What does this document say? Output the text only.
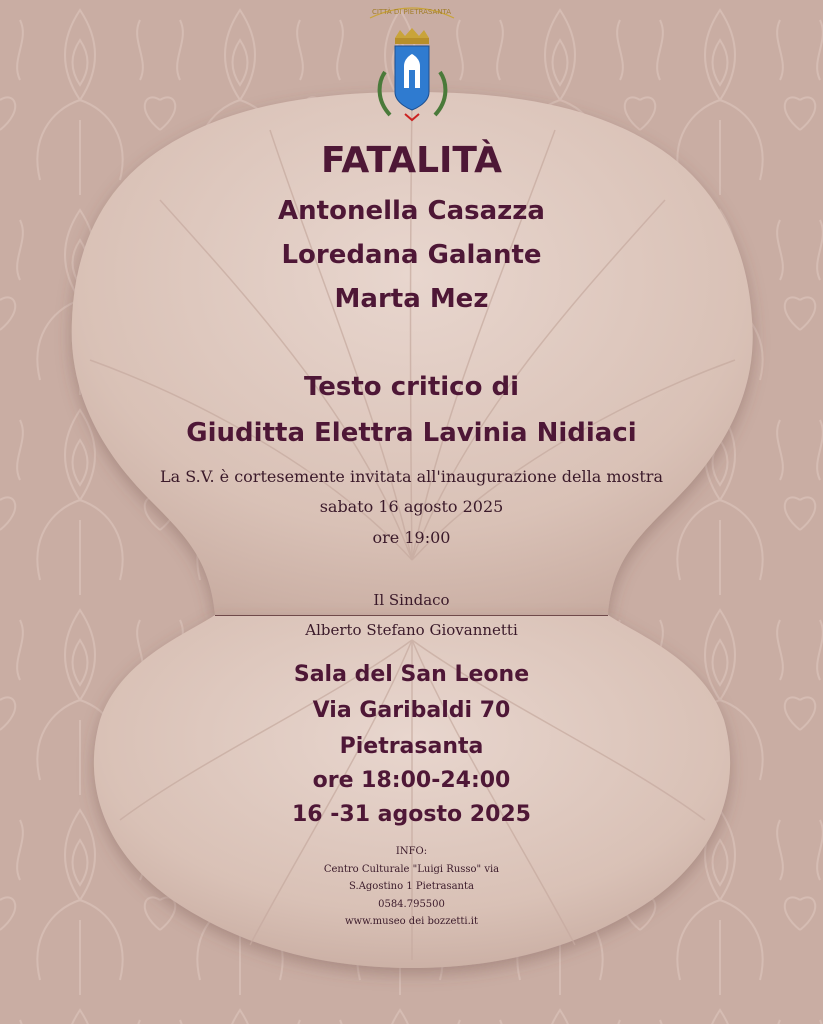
CITTÀ DI PIETRASANTA
FATALITÀ
Antonella Casazza
Loredana Galante
Marta Mez
Testo critico di
Giuditta Elettra Lavinia Nidiaci
La S.V. è cortesemente invitata all'inaugurazione della mostra
sabato 16 agosto 2025
ore 19:00
Il Sindaco
Alberto Stefano Giovannetti
Sala del San Leone
Via Garibaldi 70
Pietrasanta
ore 18:00-24:00
16 -31 agosto 2025
INFO:
Centro Culturale "Luigi Russo" via
S.Agostino 1 Pietrasanta
0584.795500
www.museo dei bozzetti.it
